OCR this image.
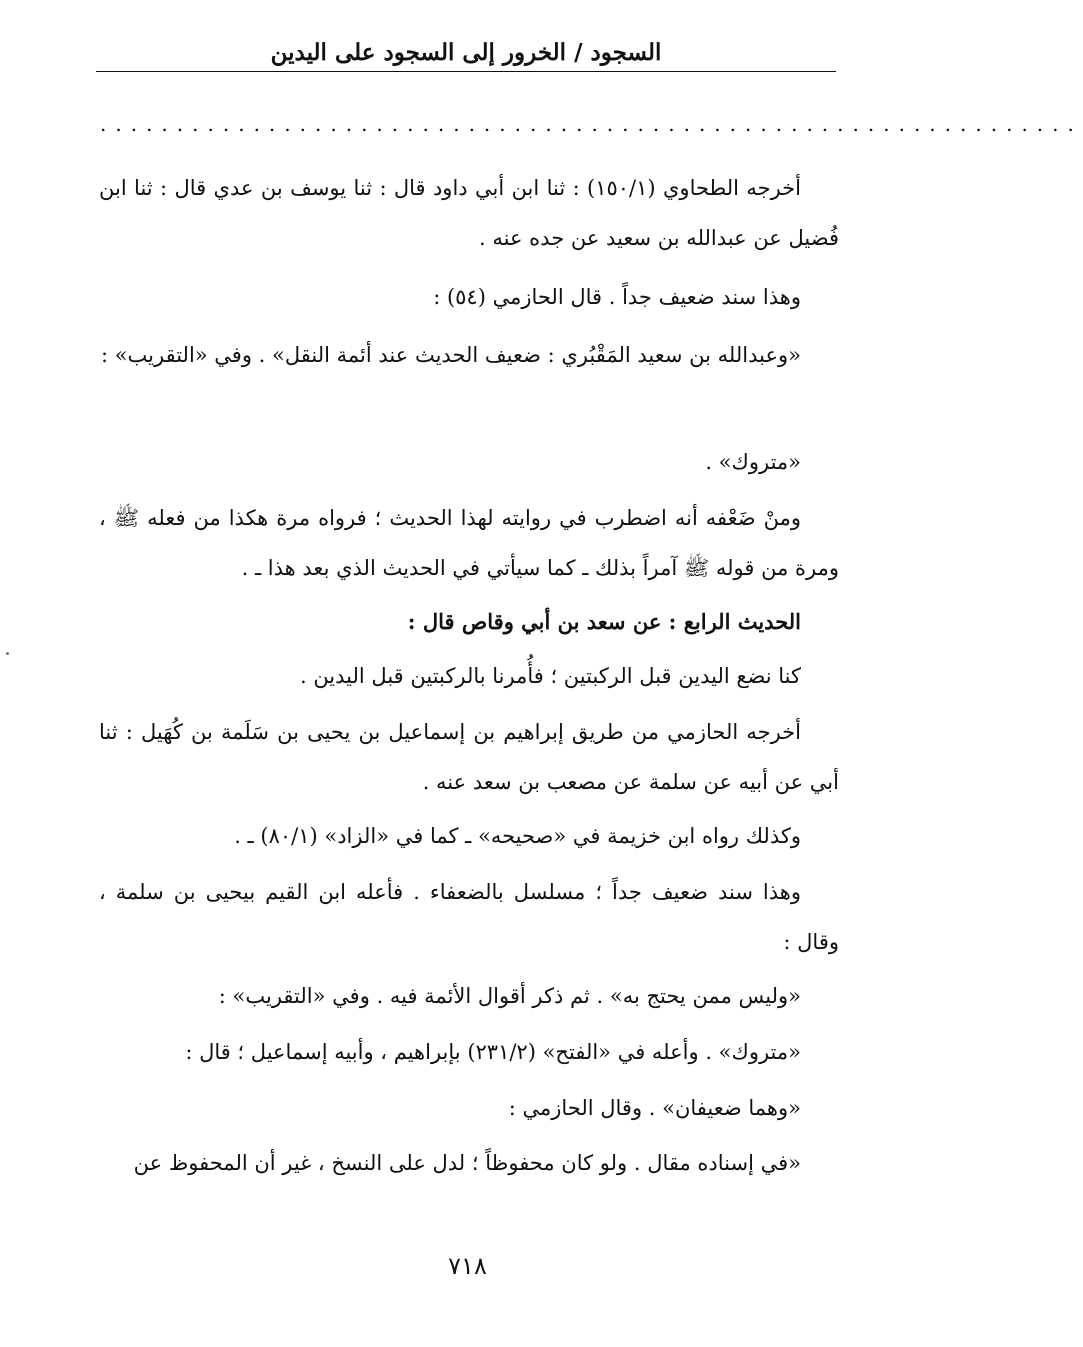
السجود / الخرور إلى السجود على اليدين
................................................................

أخرجه الطحاوي (١٥٠/١) : ثنا ابن أبي داود قال : ثنا يوسف بن عدي قال : ثنا ابن فُضيل عن عبدالله بن سعيد عن جده عنه .

وهذا سند ضعيف جداً . قال الحازمي (٥٤) :

«وعبدالله بن سعيد المَقْبُري : ضعيف الحديث عند أئمة النقل» . وفي «التقريب» :

«متروك» .

ومنْ ضَعْفه أنه اضطرب في روايته لهذا الحديث ؛ فرواه مرة هكذا من فعله ﷺ ، ومرة من قوله ﷺ آمراً بذلك ـ كما سيأتي في الحديث الذي بعد هذا ـ .

الحديث الرابع : عن سعد بن أبي وقاص قال :

كنا نضع اليدين قبل الركبتين ؛ فأُمرنا بالركبتين قبل اليدين .

أخرجه الحازمي من طريق إبراهيم بن إسماعيل بن يحيى بن سَلَمة بن كُهَيل : ثنا أبي عن أبيه عن سلمة عن مصعب بن سعد عنه .

وكذلك رواه ابن خزيمة في «صحيحه» ـ كما في «الزاد» (٨٠/١) ـ .

وهذا سند ضعيف جداً ؛ مسلسل بالضعفاء . فأعله ابن القيم بيحيى بن سلمة ، وقال :

«وليس ممن يحتج به» . ثم ذكر أقوال الأئمة فيه . وفي «التقريب» :

«متروك» . وأعله في «الفتح» (٢٣١/٢) بإبراهيم ، وأبيه إسماعيل ؛ قال :

«وهما ضعيفان» . وقال الحازمي :

«في إسناده مقال . ولو كان محفوظاً ؛ لدل على النسخ ، غير أن المحفوظ عن

٧١٨
